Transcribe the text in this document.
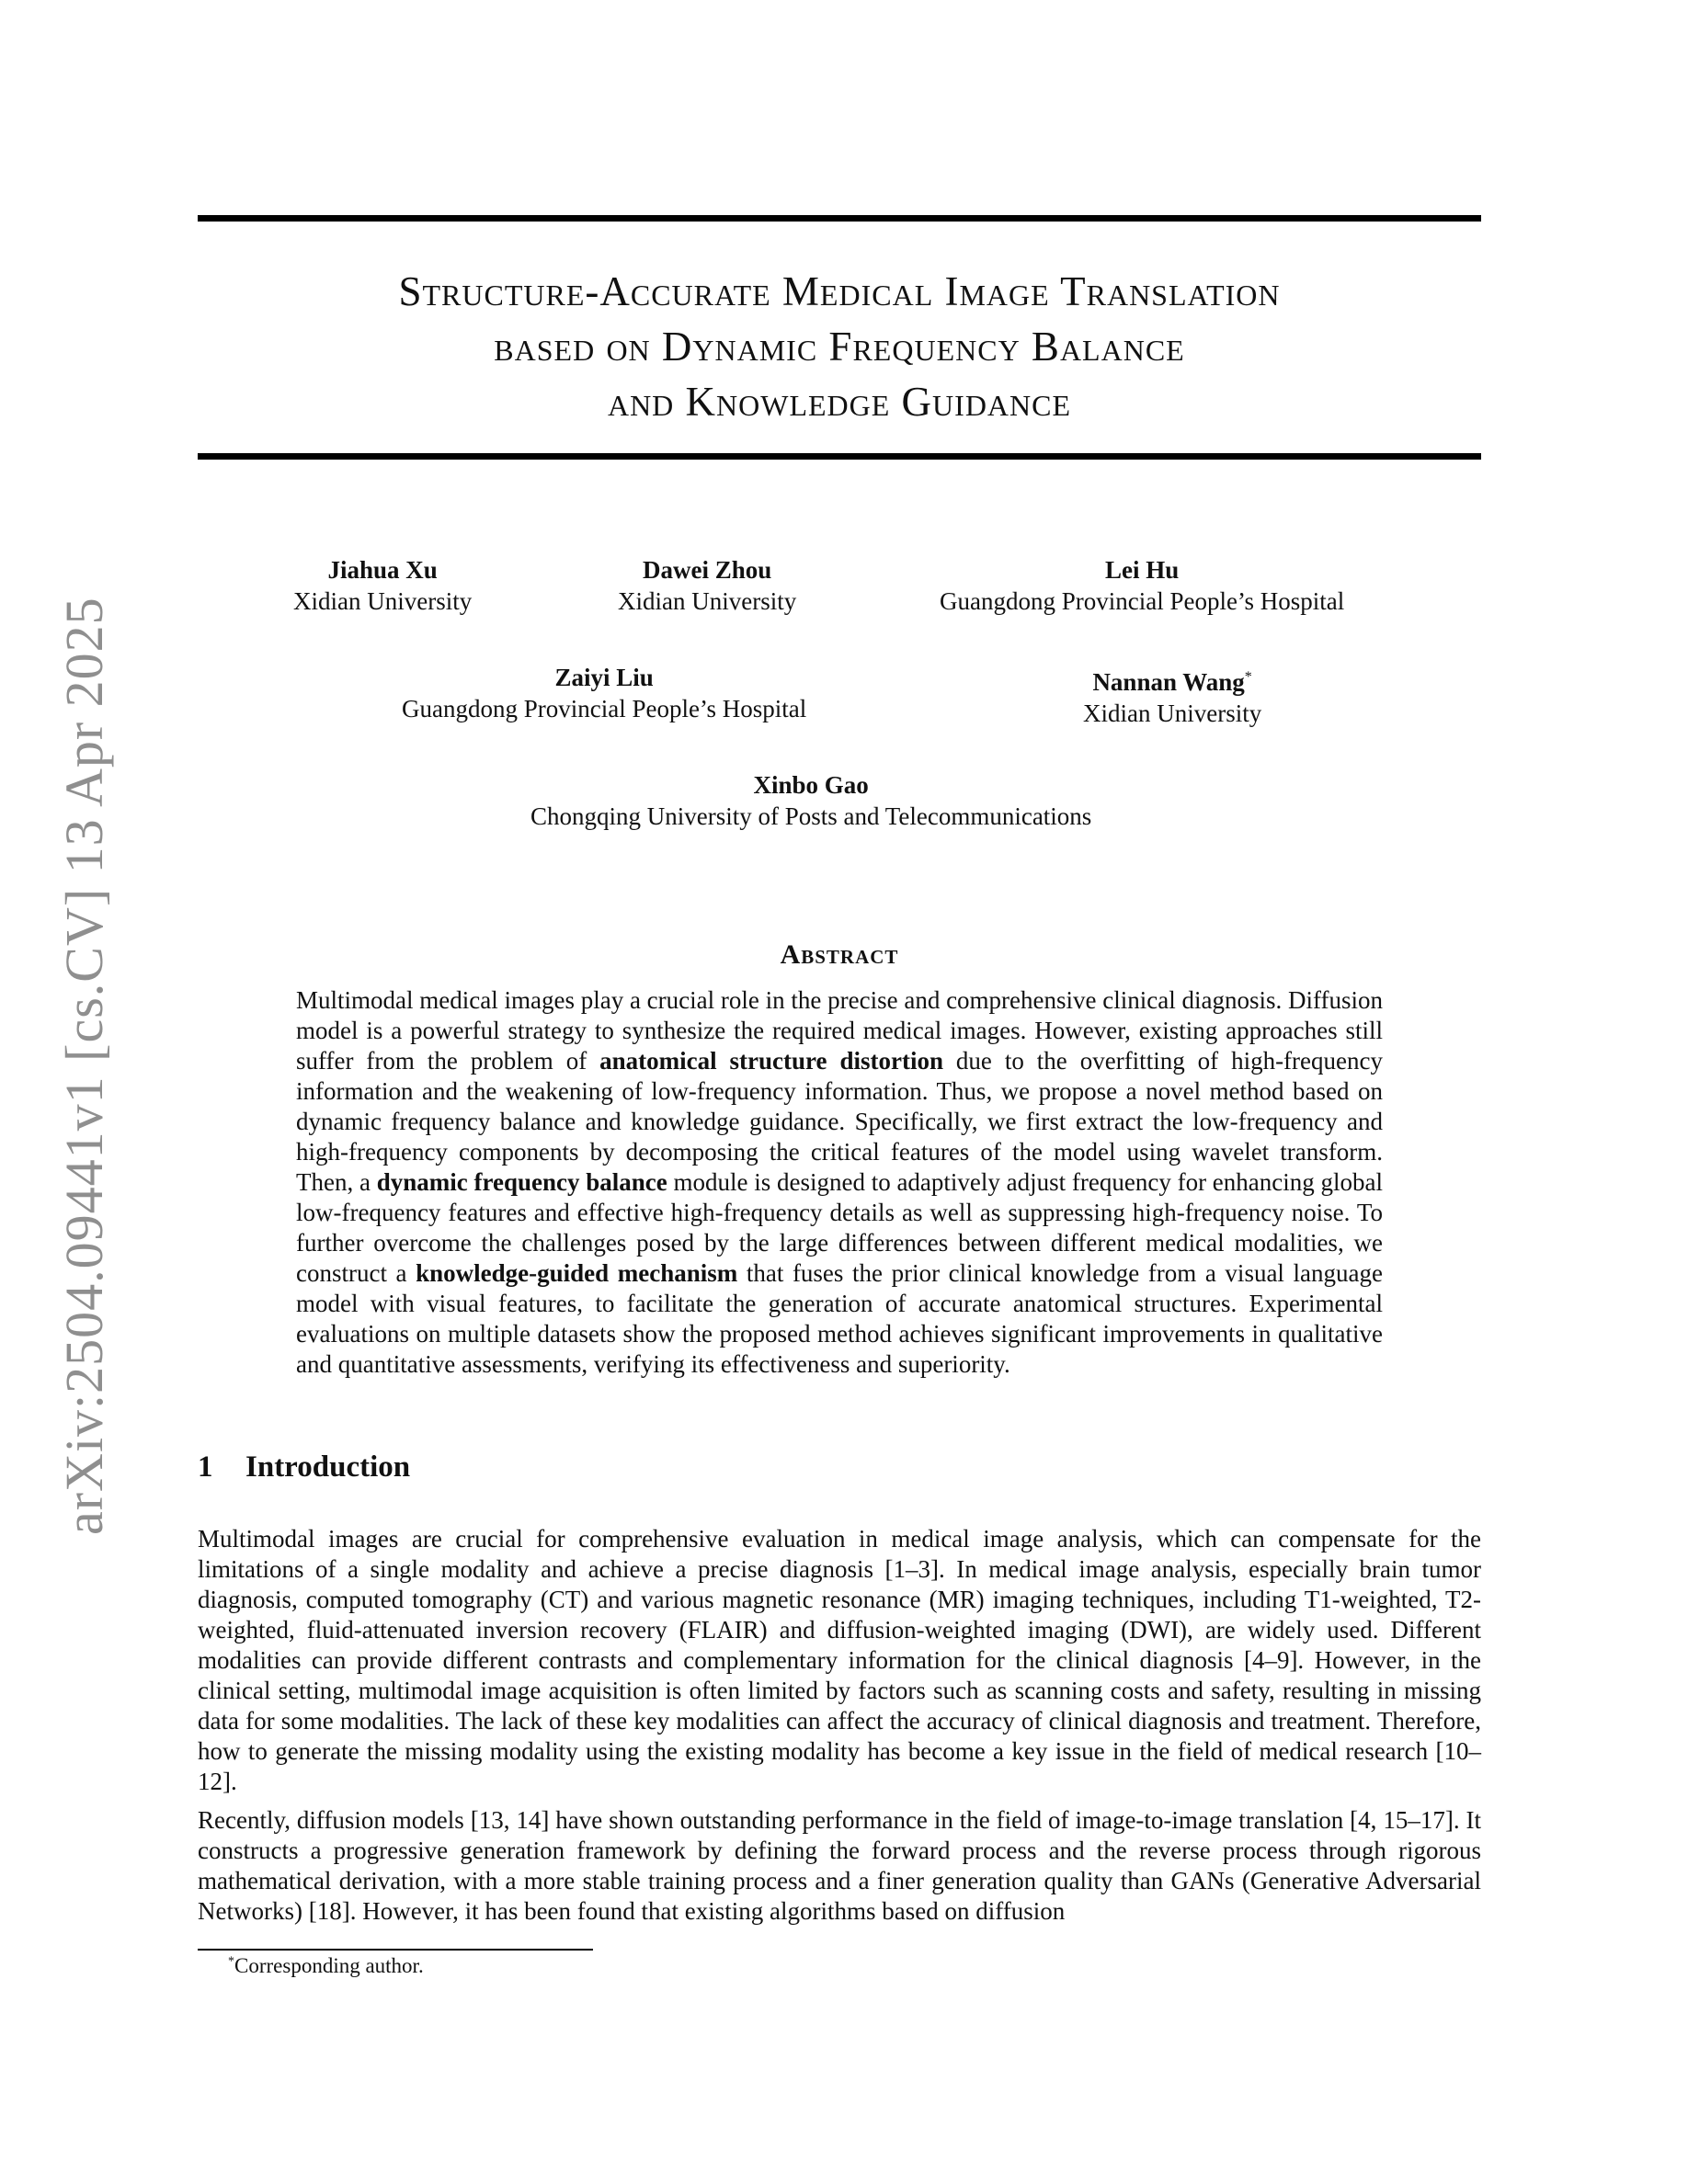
arXiv:2504.09441v1 [cs.CV] 13 Apr 2025
Structure-Accurate Medical Image Translation
based on Dynamic Frequency Balance
and Knowledge Guidance
Jiahua Xu
Xidian University
Dawei Zhou
Xidian University
Lei Hu
Guangdong Provincial People’s Hospital
Zaiyi Liu
Guangdong Provincial People’s Hospital
Nannan Wang*
Xidian University
Xinbo Gao
Chongqing University of Posts and Telecommunications
Abstract
Multimodal medical images play a crucial role in the precise and comprehensive clinical diagnosis. Diffusion model is a powerful strategy to synthesize the required medical images. However, existing approaches still suffer from the problem of anatomical structure distortion due to the overfitting of high-frequency information and the weakening of low-frequency information. Thus, we propose a novel method based on dynamic frequency balance and knowledge guidance. Specifically, we first extract the low-frequency and high-frequency components by decomposing the critical features of the model using wavelet transform. Then, a dynamic frequency balance module is designed to adaptively adjust frequency for enhancing global low-frequency features and effective high-frequency details as well as suppressing high-frequency noise. To further overcome the challenges posed by the large differences between different medical modalities, we construct a knowledge-guided mechanism that fuses the prior clinical knowledge from a visual language model with visual features, to facilitate the generation of accurate anatomical structures. Experimental evaluations on multiple datasets show the proposed method achieves significant improvements in qualitative and quantitative assessments, verifying its effectiveness and superiority.
1 Introduction
Multimodal images are crucial for comprehensive evaluation in medical image analysis, which can compensate for the limitations of a single modality and achieve a precise diagnosis [1–3]. In medical image analysis, especially brain tumor diagnosis, computed tomography (CT) and various magnetic resonance (MR) imaging techniques, including T1-weighted, T2-weighted, fluid-attenuated inversion recovery (FLAIR) and diffusion-weighted imaging (DWI), are widely used. Different modalities can provide different contrasts and complementary information for the clinical diagnosis [4–9]. However, in the clinical setting, multimodal image acquisition is often limited by factors such as scanning costs and safety, resulting in missing data for some modalities. The lack of these key modalities can affect the accuracy of clinical diagnosis and treatment. Therefore, how to generate the missing modality using the existing modality has become a key issue in the field of medical research [10–12].
Recently, diffusion models [13, 14] have shown outstanding performance in the field of image-to-image translation [4, 15–17]. It constructs a progressive generation framework by defining the forward process and the reverse process through rigorous mathematical derivation, with a more stable training process and a finer generation quality than GANs (Generative Adversarial Networks) [18]. However, it has been found that existing algorithms based on diffusion
*Corresponding author.
